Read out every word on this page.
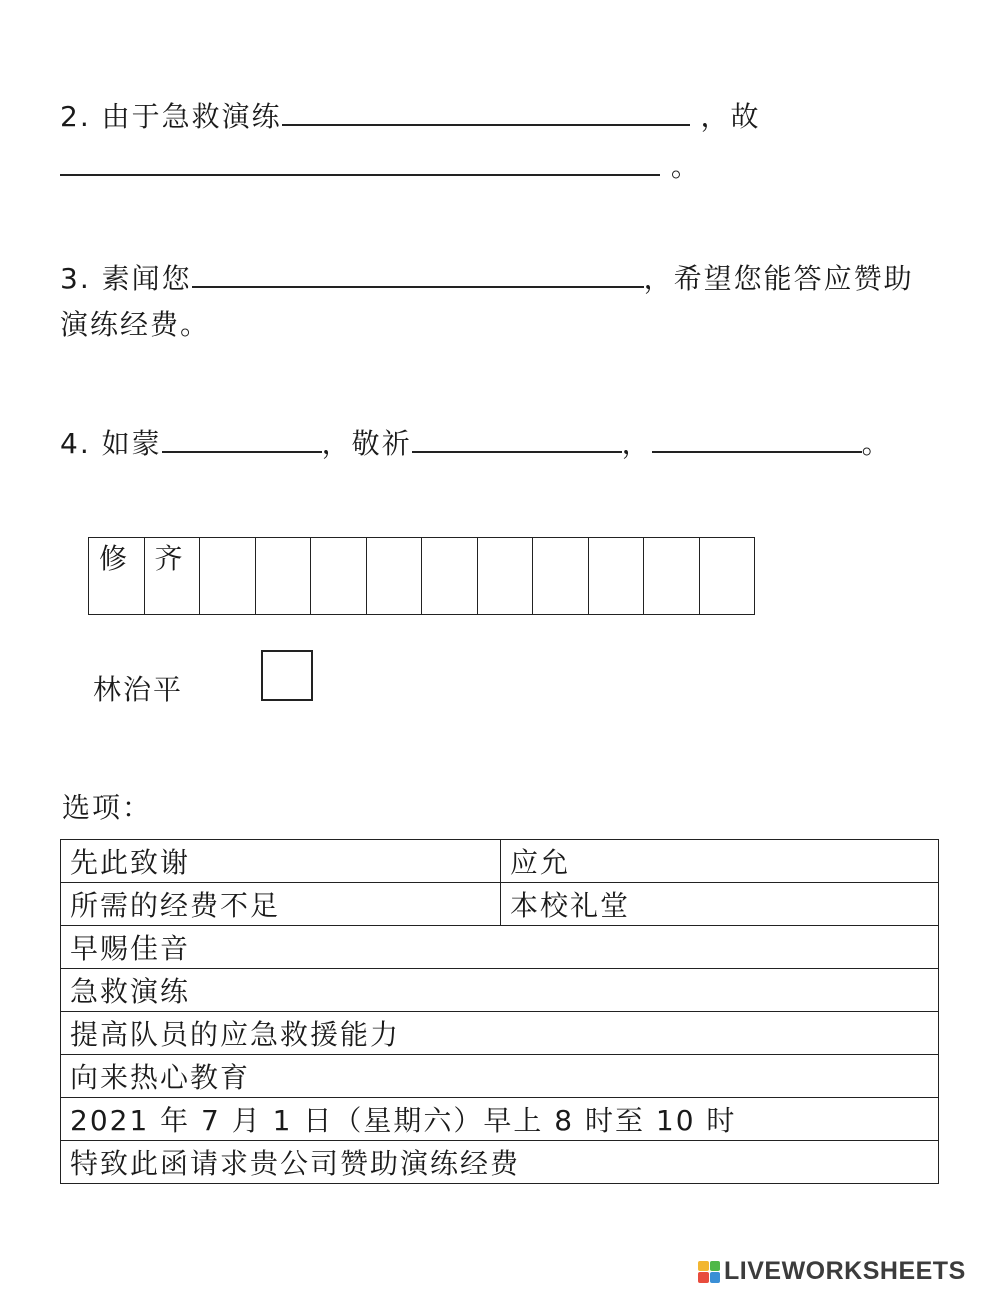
2. 由于急救演练	，故
。
3. 素闻您	，希望您能答应赞助
演练经费。
4. 如蒙	，敬祈	，	。
修 齐
林治平
选项：
先此致谢	应允
所需的经费不足	本校礼堂
早赐佳音	
急救演练	
提高队员的应急救援能力	
向来热心教育	
2021 年 7 月 1 日（星期六）早上 8 时至 10 时	
特致此函请求贵公司赞助演练经费	
LIVEWORKSHEETS
